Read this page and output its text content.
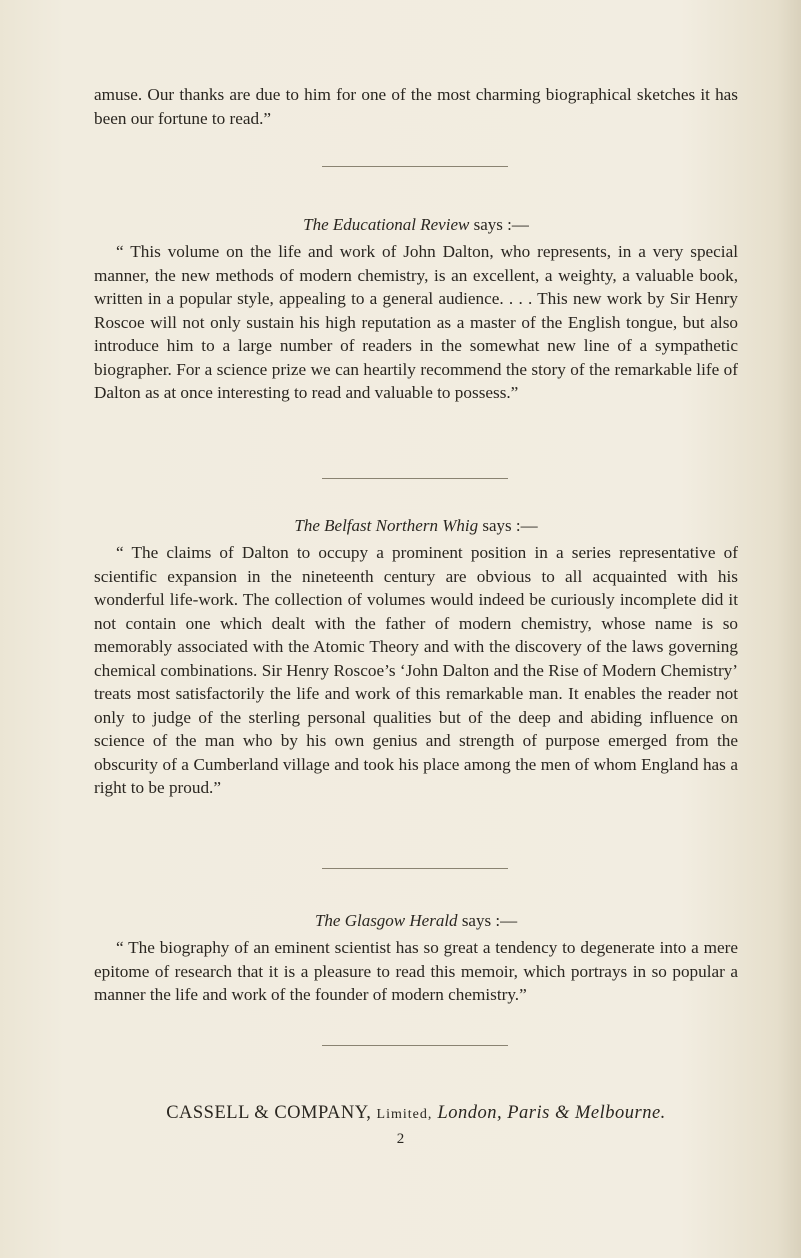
amuse. Our thanks are due to him for one of the most charming biographical sketches it has been our fortune to read.”

The Educational Review says :—

“ This volume on the life and work of John Dalton, who represents, in a very special manner, the new methods of modern chemistry, is an excellent, a weighty, a valuable book, written in a popular style, appealing to a general audience. . . . This new work by Sir Henry Roscoe will not only sustain his high reputation as a master of the English tongue, but also introduce him to a large number of readers in the somewhat new line of a sympathetic biographer. For a science prize we can heartily recommend the story of the remarkable life of Dalton as at once interesting to read and valuable to possess.”

The Belfast Northern Whig says :—

“ The claims of Dalton to occupy a prominent position in a series representative of scientific expansion in the nineteenth century are obvious to all acquainted with his wonderful life-work. The collection of volumes would indeed be curiously incomplete did it not contain one which dealt with the father of modern chemistry, whose name is so memorably associated with the Atomic Theory and with the discovery of the laws governing chemical combinations. Sir Henry Roscoe’s ‘John Dalton and the Rise of Modern Chemistry’ treats most satisfactorily the life and work of this remarkable man. It enables the reader not only to judge of the sterling personal qualities but of the deep and abiding influence on science of the man who by his own genius and strength of purpose emerged from the obscurity of a Cumberland village and took his place among the men of whom England has a right to be proud.”

The Glasgow Herald says :—

“ The biography of an eminent scientist has so great a tendency to degenerate into a mere epitome of research that it is a pleasure to read this memoir, which portrays in so popular a manner the life and work of the founder of modern chemistry.”

CASSELL & COMPANY, Limited, London, Paris & Melbourne.
2
